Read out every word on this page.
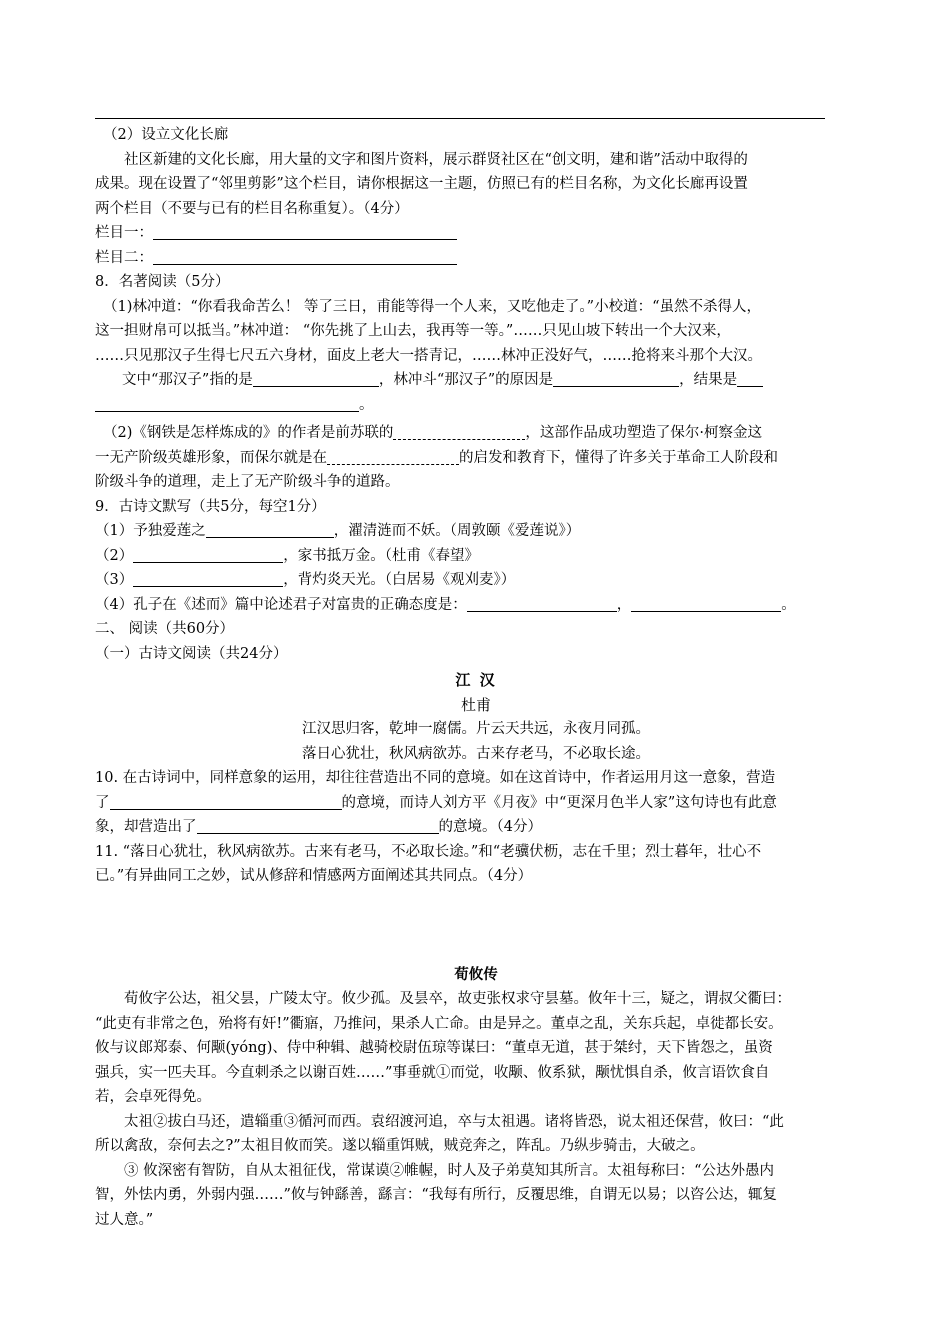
（2）设立文化长廊
社区新建的文化长廊，用大量的文字和图片资料，展示群贤社区在“创文明，建和谐”活动中取得的
成果。现在设置了“邻里剪影”这个栏目，请你根据这一主题，仿照已有的栏目名称，为文化长廊再设置
两个栏目（不要与已有的栏目名称重复）。（4分）
栏目一：
栏目二：
8．名著阅读（5分）
（1)林冲道：“你看我命苦么！ 等了三日，甫能等得一个人来，又吃他走了。”小校道：“虽然不杀得人，
这一担财帛可以抵当。”林冲道： “你先挑了上山去，我再等一等。”……只见山坡下转出一个大汉来，
……只见那汉子生得七尺五六身材，面皮上老大一搭青记，……林冲正没好气，……抢将来斗那个大汉。
文中“那汉子”指的是	，林冲斗“那汉子”的原因是	，结果是
。
（2)《钢铁是怎样炼成的》的作者是前苏联的	，这部作品成功塑造了保尔·柯察金这
一无产阶级英雄形象，而保尔就是在	的启发和教育下，懂得了许多关于革命工人阶段和
阶级斗争的道理，走上了无产阶级斗争的道路。
9．古诗文默写（共5分，每空1分）
（1）予独爱莲之	，濯清涟而不妖。（周敦颐《爱莲说》）
（2）	，家书抵万金。（杜甫《春望》
（3）	，背灼炎天光。（白居易《观刈麦》）
（4）孔子在《述而》篇中论述君子对富贵的正确态度是：	，	。
二、 阅读（共60分）
（一）古诗文阅读（共24分）
江 汉
杜甫
江汉思归客，乾坤一腐儒。片云天共远，永夜月同孤。
落日心犹壮，秋风病欲苏。古来存老马，不必取长途。
10. 在古诗词中，同样意象的运用，却往往营造出不同的意境。如在这首诗中，作者运用月这一意象，营造
了	的意境，而诗人刘方平《月夜》中“更深月色半人家”这句诗也有此意
象，却营造出了	的意境。（4分）
11. “落日心犹壮，秋风病欲苏。古来有老马，不必取长途。”和“老骥伏枥，志在千里；烈士暮年，壮心不
已。”有异曲同工之妙，试从修辞和情感两方面阐述其共同点。（4分）
荀攸传
荀攸字公达，祖父昙，广陵太守。攸少孤。及昙卒，故吏张权求守昙墓。攸年十三，疑之，谓叔父衢曰：
“此吏有非常之色，殆将有奸!”衢寤，乃推问，果杀人亡命。由是异之。董卓之乱，关东兵起，卓徙都长安。
攸与议郎郑泰、何颙(yóng)、侍中种辑、越骑校尉伍琼等谋曰：“董卓无道，甚于桀纣，天下皆怨之，虽资
强兵，实一匹夫耳。今直刺杀之以谢百姓……”事垂就①而觉，收颙、攸系狱，颙忧惧自杀，攸言语饮食自
若，会卓死得免。
太祖②拔白马还，遣辎重③循河而西。袁绍渡河追，卒与太祖遇。诸将皆恐，说太祖还保营，攸曰：“此
所以禽敌，奈何去之?”太祖目攸而笑。遂以辎重饵贼，贼竞奔之，阵乱。乃纵步骑击，大破之。
③ 攸深密有智防，自从太祖征伐，常谋谟②帷幄，时人及子弟莫知其所言。太祖每称曰：“公达外愚内
智，外怯内勇，外弱内强……”攸与钟繇善，繇言：“我每有所行，反覆思维，自谓无以易；以咨公达，辄复
过人意。”
